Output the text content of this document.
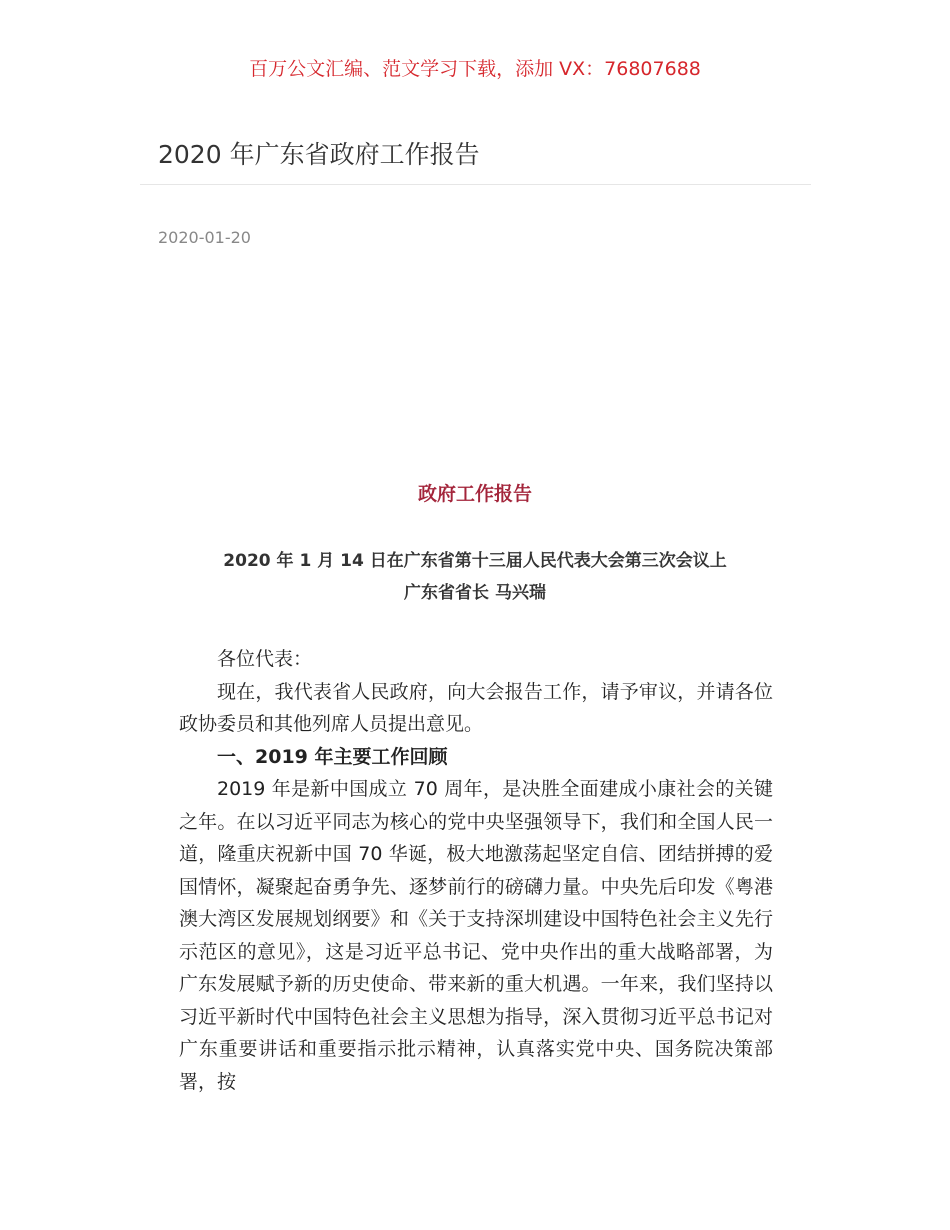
百万公文汇编、范文学习下载，添加 VX：76807688
2020 年广东省政府工作报告
2020-01-20
政府工作报告
2020 年 1 月 14 日在广东省第十三届人民代表大会第三次会议上
广东省省长 马兴瑞

各位代表：

现在，我代表省人民政府，向大会报告工作，请予审议，并请各位政协委员和其他列席人员提出意见。

一、2019 年主要工作回顾

2019 年是新中国成立 70 周年，是决胜全面建成小康社会的关键之年。在以习近平同志为核心的党中央坚强领导下，我们和全国人民一道，隆重庆祝新中国 70 华诞，极大地激荡起坚定自信、团结拼搏的爱国情怀，凝聚起奋勇争先、逐梦前行的磅礴力量。中央先后印发《粤港澳大湾区发展规划纲要》和《关于支持深圳建设中国特色社会主义先行示范区的意见》，这是习近平总书记、党中央作出的重大战略部署，为广东发展赋予新的历史使命、带来新的重大机遇。一年来，我们坚持以习近平新时代中国特色社会主义思想为指导，深入贯彻习近平总书记对广东重要讲话和重要指示批示精神，认真落实党中央、国务院决策部署，按
